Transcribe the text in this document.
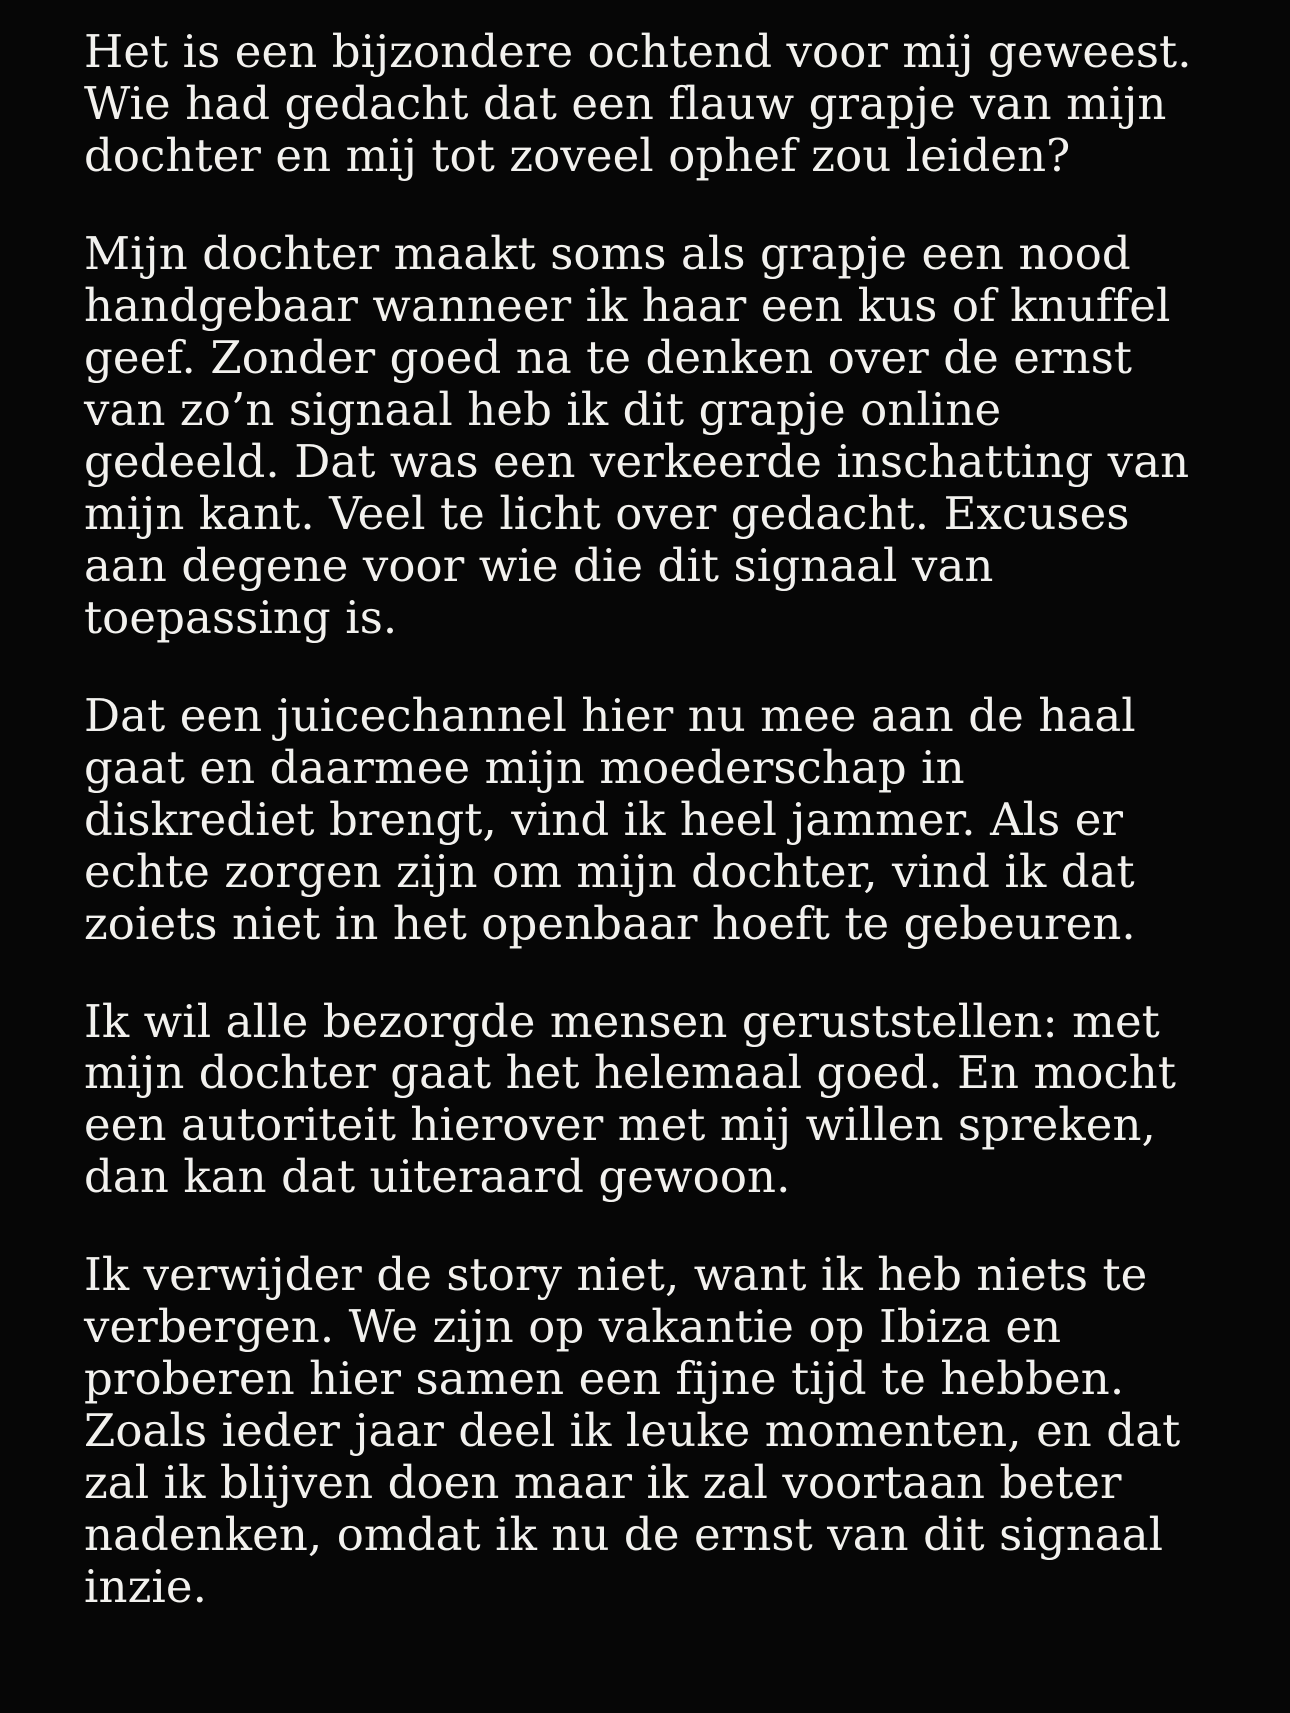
Het is een bijzondere ochtend voor mij geweest. Wie had gedacht dat een flauw grapje van mijn dochter en mij tot zoveel ophef zou leiden?

Mijn dochter maakt soms als grapje een nood handgebaar wanneer ik haar een kus of knuffel geef. Zonder goed na te denken over de ernst van zo’n signaal heb ik dit grapje online gedeeld. Dat was een verkeerde inschatting van mijn kant. Veel te licht over gedacht. Excuses aan degene voor wie die dit signaal van toepassing is.

Dat een juicechannel hier nu mee aan de haal gaat en daarmee mijn moederschap in diskrediet brengt, vind ik heel jammer. Als er echte zorgen zijn om mijn dochter, vind ik dat zoiets niet in het openbaar hoeft te gebeuren.

Ik wil alle bezorgde mensen geruststellen: met mijn dochter gaat het helemaal goed. En mocht een autoriteit hierover met mij willen spreken, dan kan dat uiteraard gewoon.

Ik verwijder de story niet, want ik heb niets te verbergen. We zijn op vakantie op Ibiza en proberen hier samen een fijne tijd te hebben. Zoals ieder jaar deel ik leuke momenten, en dat zal ik blijven doen maar ik zal voortaan beter nadenken, omdat ik nu de ernst van dit signaal inzie.
